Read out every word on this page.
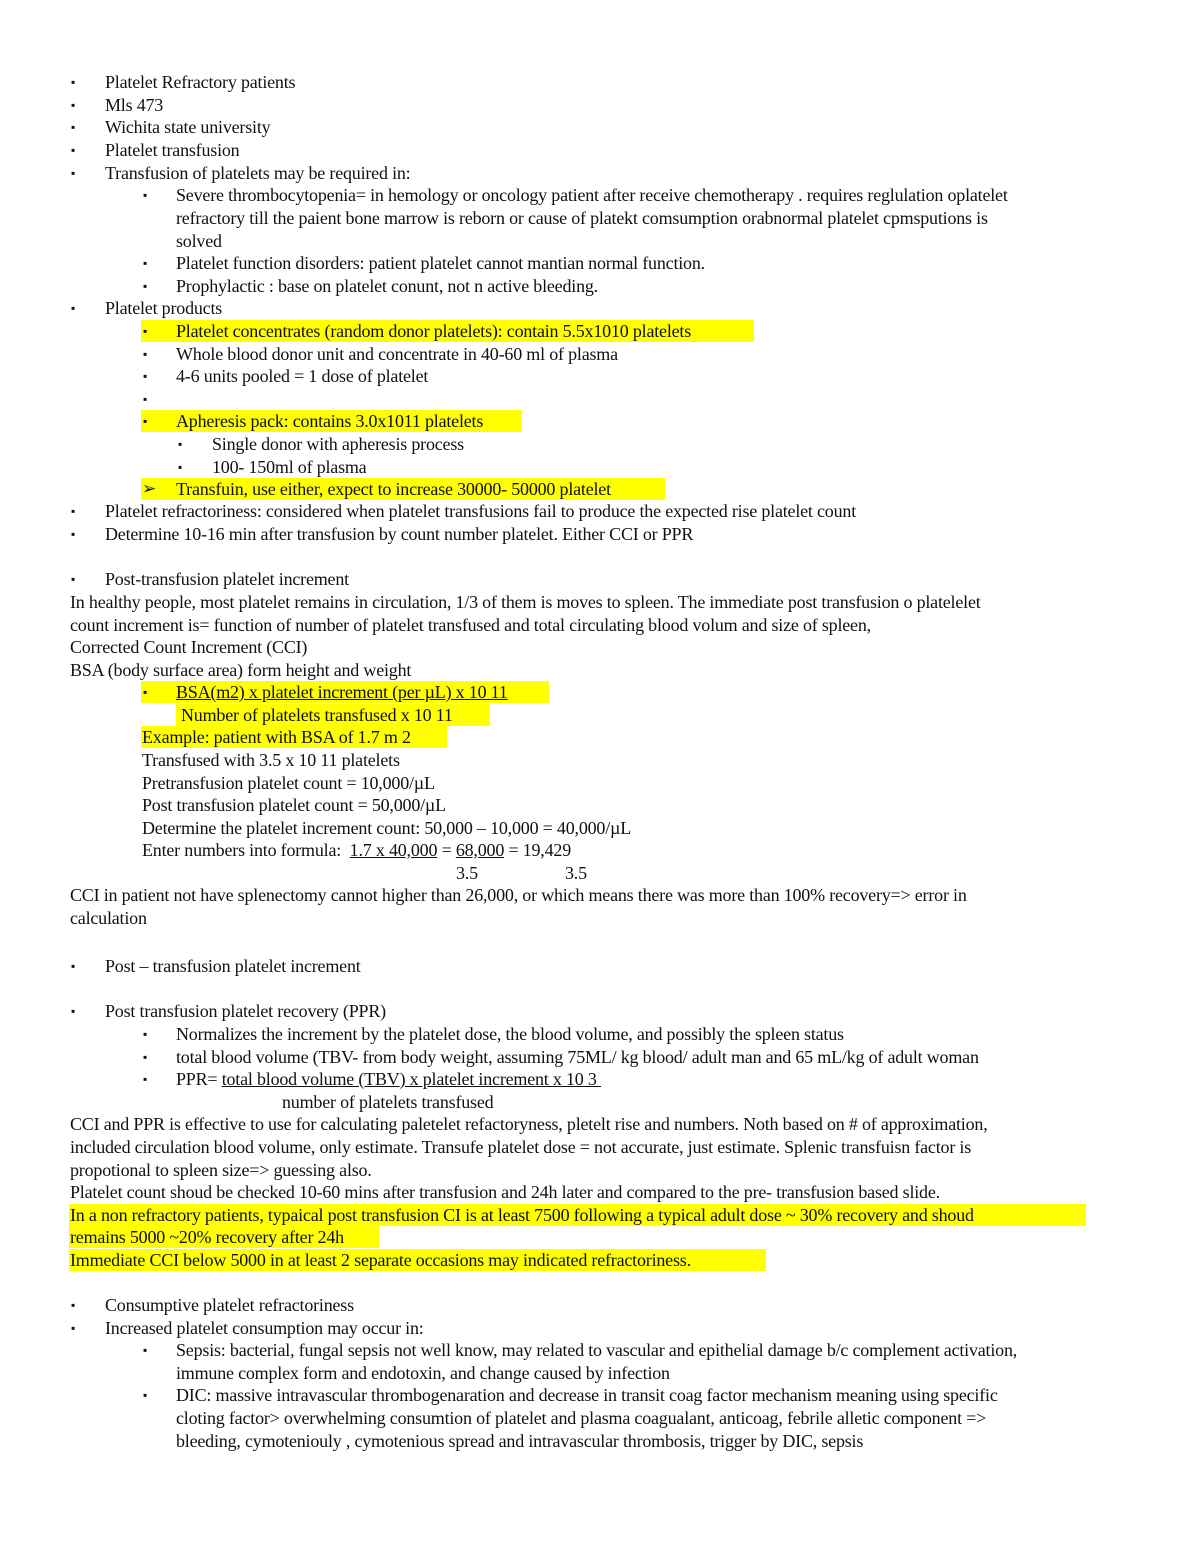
▪ Platelet Refractory patients
▪ Mls 473
▪ Wichita state university
▪ Platelet transfusion
▪ Transfusion of platelets may be required in:
▪ Severe thrombocytopenia= in hemology or oncology patient after receive chemotherapy . requires reglulation oplatelet
refractory till the paient bone marrow is reborn or cause of platekt comsumption orabnormal platelet cpmsputions is
solved
▪ Platelet function disorders: patient platelet cannot mantian normal function.
▪ Prophylactic : base on platelet conunt, not n active bleeding.
▪ Platelet products
▪ Platelet concentrates (random donor platelets): contain 5.5x1010 platelets
▪ Whole blood donor unit and concentrate in 40-60 ml of plasma
▪ 4-6 units pooled = 1 dose of platelet
▪
▪ Apheresis pack: contains 3.0x1011 platelets
▪ Single donor with apheresis process
▪ 100- 150ml of plasma
➢ Transfuin, use either, expect to increase 30000- 50000 platelet
▪ Platelet refractoriness: considered when platelet transfusions fail to produce the expected rise platelet count
▪ Determine 10-16 min after transfusion by count number platelet. Either CCI or PPR
▪ Post-transfusion platelet increment
In healthy people, most platelet remains in circulation, 1/3 of them is moves to spleen. The immediate post transfusion o platelelet
count increment is= function of number of platelet transfused and total circulating blood volum and size of spleen,
Corrected Count Increment (CCI)
BSA (body surface area) form height and weight
▪ BSA(m2) x platelet increment (per µL) x 10 11
Number of platelets transfused x 10 11
Example: patient with BSA of 1.7 m 2
Transfused with 3.5 x 10 11 platelets
Pretransfusion platelet count = 10,000/µL
Post transfusion platelet count = 50,000/µL
Determine the platelet increment count: 50,000 – 10,000 = 40,000/µL
Enter numbers into formula:  1.7 x 40,000 = 68,000 = 19,429
3.5	3.5
CCI in patient not have splenectomy cannot higher than 26,000, or which means there was more than 100% recovery=> error in
calculation
▪ Post – transfusion platelet increment
▪ Post transfusion platelet recovery (PPR)
▪ Normalizes the increment by the platelet dose, the blood volume, and possibly the spleen status
▪ total blood volume (TBV- from body weight, assuming 75ML/ kg blood/ adult man and 65 mL/kg of adult woman
▪ PPR= total blood volume (TBV) x platelet increment x 10 3
number of platelets transfused
CCI and PPR is effective to use for calculating paletelet refactoryness, pletelt rise and numbers. Noth based on # of approximation,
included circulation blood volume, only estimate. Transufe platelet dose = not accurate, just estimate. Splenic transfuisn factor is
propotional to spleen size=> guessing also.
Platelet count shoud be checked 10-60 mins after transfusion and 24h later and compared to the pre- transfusion based slide.
In a non refractory patients, typaical post transfusion CI is at least 7500 following a typical adult dose ~ 30% recovery and shoud
remains 5000 ~20% recovery after 24h
Immediate CCI below 5000 in at least 2 separate occasions may indicated refractoriness.
▪ Consumptive platelet refractoriness
▪ Increased platelet consumption may occur in:
▪ Sepsis: bacterial, fungal sepsis not well know, may related to vascular and epithelial damage b/c complement activation,
immune complex form and endotoxin, and change caused by infection
▪ DIC: massive intravascular thrombogenaration and decrease in transit coag factor mechanism meaning using specific
cloting factor> overwhelming consumtion of platelet and plasma coagualant, anticoag, febrile alletic component =>
bleeding, cymoteniouly , cymotenious spread and intravascular thrombosis, trigger by DIC, sepsis
